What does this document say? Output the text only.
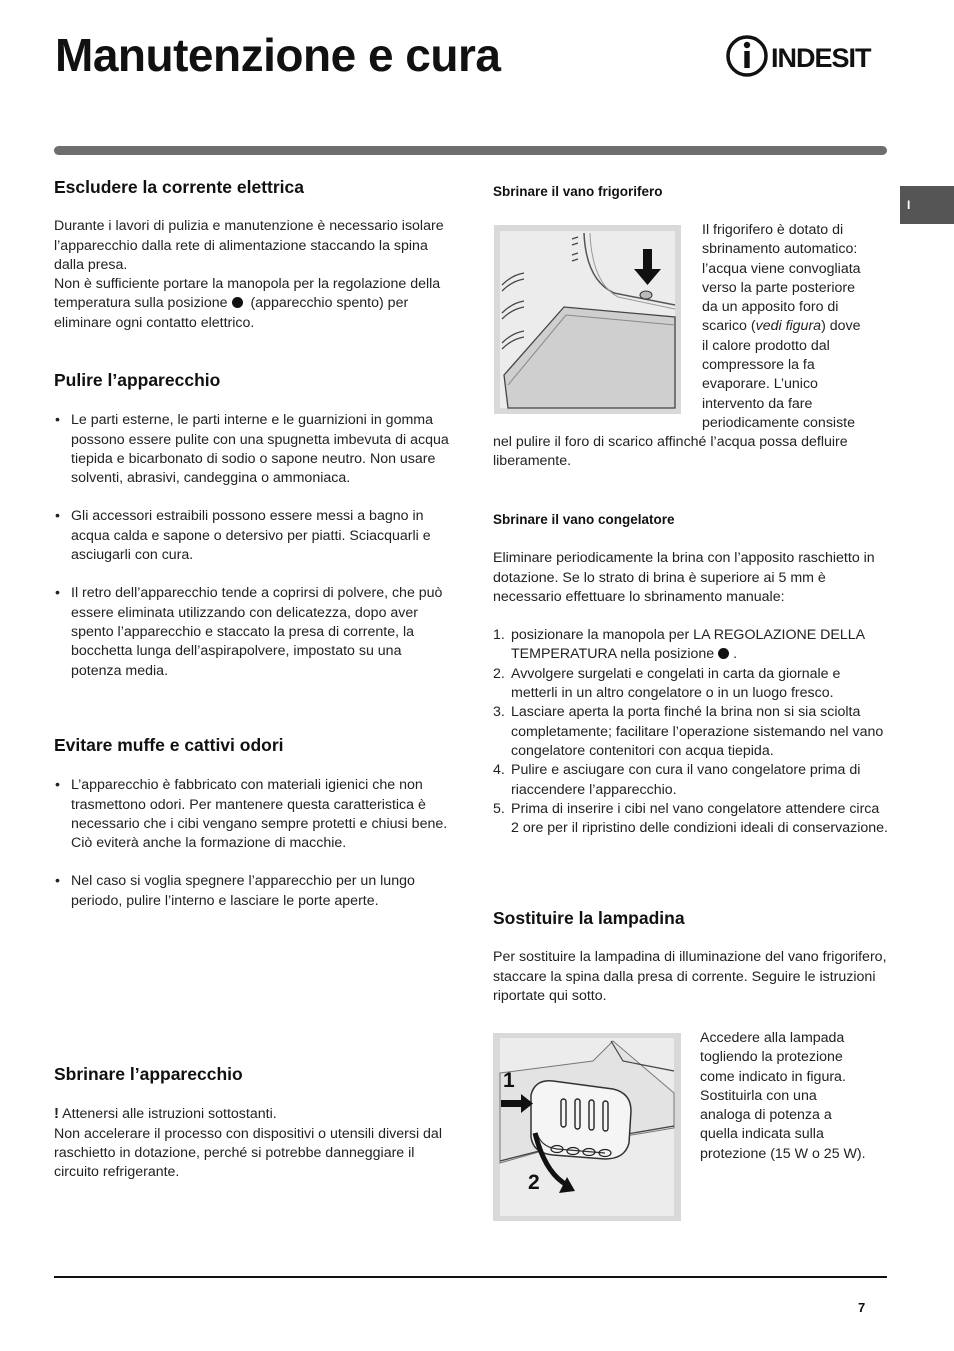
Manutenzione e cura	INDESIT
I
Escludere la corrente elettrica

Durante i lavori di pulizia e manutenzione è necessario isolare l’apparecchio dalla rete di alimentazione staccando la spina dalla presa.

Non è sufficiente portare la manopola per la regolazione della temperatura sulla posizione (apparecchio spento) per eliminare ogni contatto elettrico.

Pulire l’apparecchio
• Le parti esterne, le parti interne e le guarnizioni in gomma possono essere pulite con una spugnetta imbevuta di acqua tiepida e bicarbonato di sodio o sapone neutro. Non usare solventi, abrasivi, candeggina o ammoniaca.
• Gli accessori estraibili possono essere messi a bagno in acqua calda e sapone o detersivo per piatti. Sciacquarli e asciugarli con cura.
• Il retro dell’apparecchio tende a coprirsi di polvere, che può essere eliminata utilizzando con delicatezza, dopo aver spento l’apparecchio e staccato la presa di corrente, la bocchetta lunga dell’aspirapolvere, impostato su una potenza media.
Evitare muffe e cattivi odori
• L’apparecchio è fabbricato con materiali igienici che non trasmettono odori. Per mantenere questa caratteristica è necessario che i cibi vengano sempre protetti e chiusi bene. Ciò eviterà anche la formazione di macchie.
• Nel caso si voglia spegnere l’apparecchio per un lungo periodo, pulire l’interno e lasciare le porte aperte.
Sbrinare l’apparecchio

! Attenersi alle istruzioni sottostanti.

Non accelerare il processo con dispositivi o utensili diversi dal raschietto in dotazione, perché si potrebbe danneggiare il circuito refrigerante.

Sbrinare il vano frigorifero

Il frigorifero è dotato di

sbrinamento automatico:

l’acqua viene convogliata

verso la parte posteriore

da un apposito foro di

scarico (vedi figura) dove

il calore prodotto dal

compressore la fa

evaporare. L’unico

intervento da fare

periodicamente consiste

nel pulire il foro di scarico affinché l’acqua possa defluire liberamente.

Sbrinare il vano congelatore

Eliminare periodicamente la brina con l’apposito raschietto in dotazione. Se lo strato di brina è superiore ai 5 mm è necessario effettuare lo sbrinamento manuale:

1. posizionare la manopola per LA REGOLAZIONE DELLA TEMPERATURA nella posizione .
2. Avvolgere surgelati e congelati in carta da giornale e metterli in un altro congelatore o in un luogo fresco.
3. Lasciare aperta la porta finché la brina non si sia sciolta completamente; facilitare l’operazione sistemando nel vano congelatore contenitori con acqua tiepida.
4. Pulire e asciugare con cura il vano congelatore prima di riaccendere l’apparecchio.
5. Prima di inserire i cibi nel vano congelatore attendere circa 2 ore per il ripristino delle condizioni ideali di conservazione.
Sostituire la lampadina

Per sostituire la lampadina di illuminazione del vano frigorifero, staccare la spina dalla presa di corrente. Seguire le istruzioni riportate qui sotto.

1
2

Accedere alla lampada

togliendo la protezione

come indicato in figura.

Sostituirla con una

analoga di potenza a

quella indicata sulla

protezione (15 W o 25 W).

7
